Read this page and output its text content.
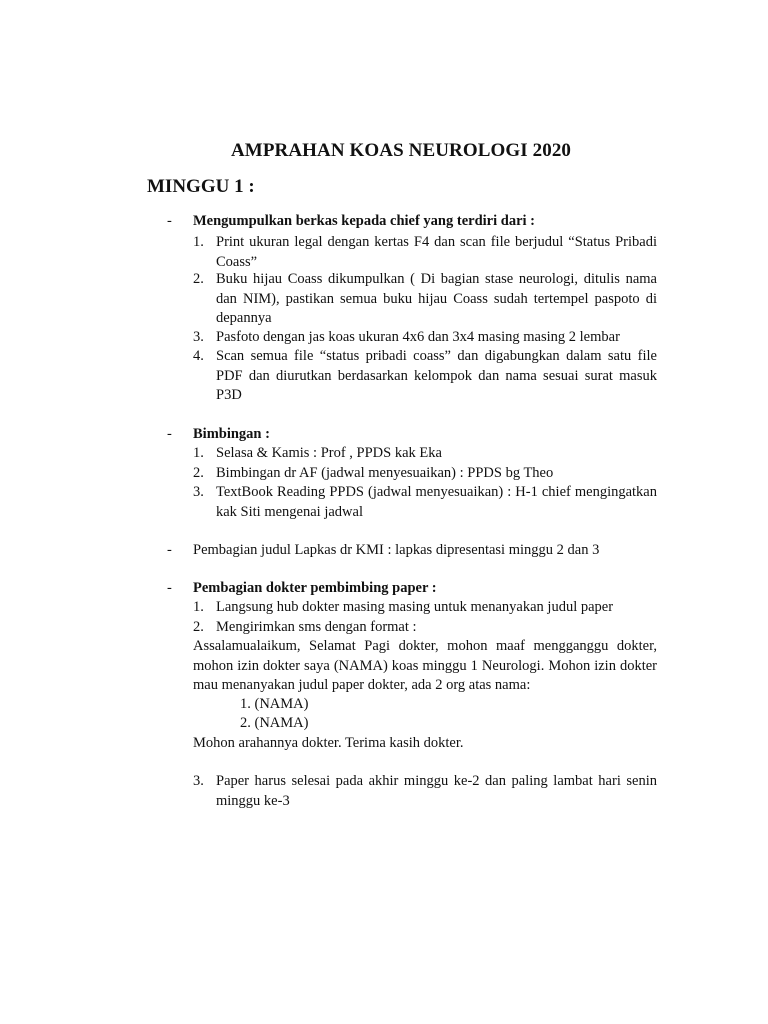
AMPRAHAN KOAS NEUROLOGI 2020
MINGGU 1 :
- Mengumpulkan berkas kepada chief yang terdiri dari :
1. Print ukuran legal dengan kertas F4 dan scan file berjudul “Status Pribadi Coass”
2. Buku hijau Coass dikumpulkan ( Di bagian stase neurologi, ditulis nama dan NIM), pastikan semua buku hijau Coass sudah tertempel paspoto di depannya
3. Pasfoto dengan jas koas ukuran 4x6 dan 3x4 masing masing 2 lembar
4. Scan semua file “status pribadi coass” dan digabungkan dalam satu file PDF dan diurutkan berdasarkan kelompok dan nama sesuai surat masuk P3D
- Bimbingan :
1. Selasa & Kamis : Prof , PPDS kak Eka
2. Bimbingan dr AF (jadwal menyesuaikan) : PPDS bg Theo
3. TextBook Reading PPDS (jadwal menyesuaikan) : H-1 chief mengingatkan kak Siti mengenai jadwal
- Pembagian judul Lapkas dr KMI : lapkas dipresentasi minggu 2 dan 3
- Pembagian dokter pembimbing paper :
1. Langsung hub dokter masing masing untuk menanyakan judul paper
2. Mengirimkan sms dengan format :
Assalamualaikum, Selamat Pagi dokter, mohon maaf mengganggu dokter, mohon izin dokter saya (NAMA) koas minggu 1 Neurologi. Mohon izin dokter mau menanyakan judul paper dokter, ada 2 org atas nama:
1. (NAMA)
2. (NAMA)
Mohon arahannya dokter. Terima kasih dokter.
3. Paper harus selesai pada akhir minggu ke-2 dan paling lambat hari senin minggu ke-3
